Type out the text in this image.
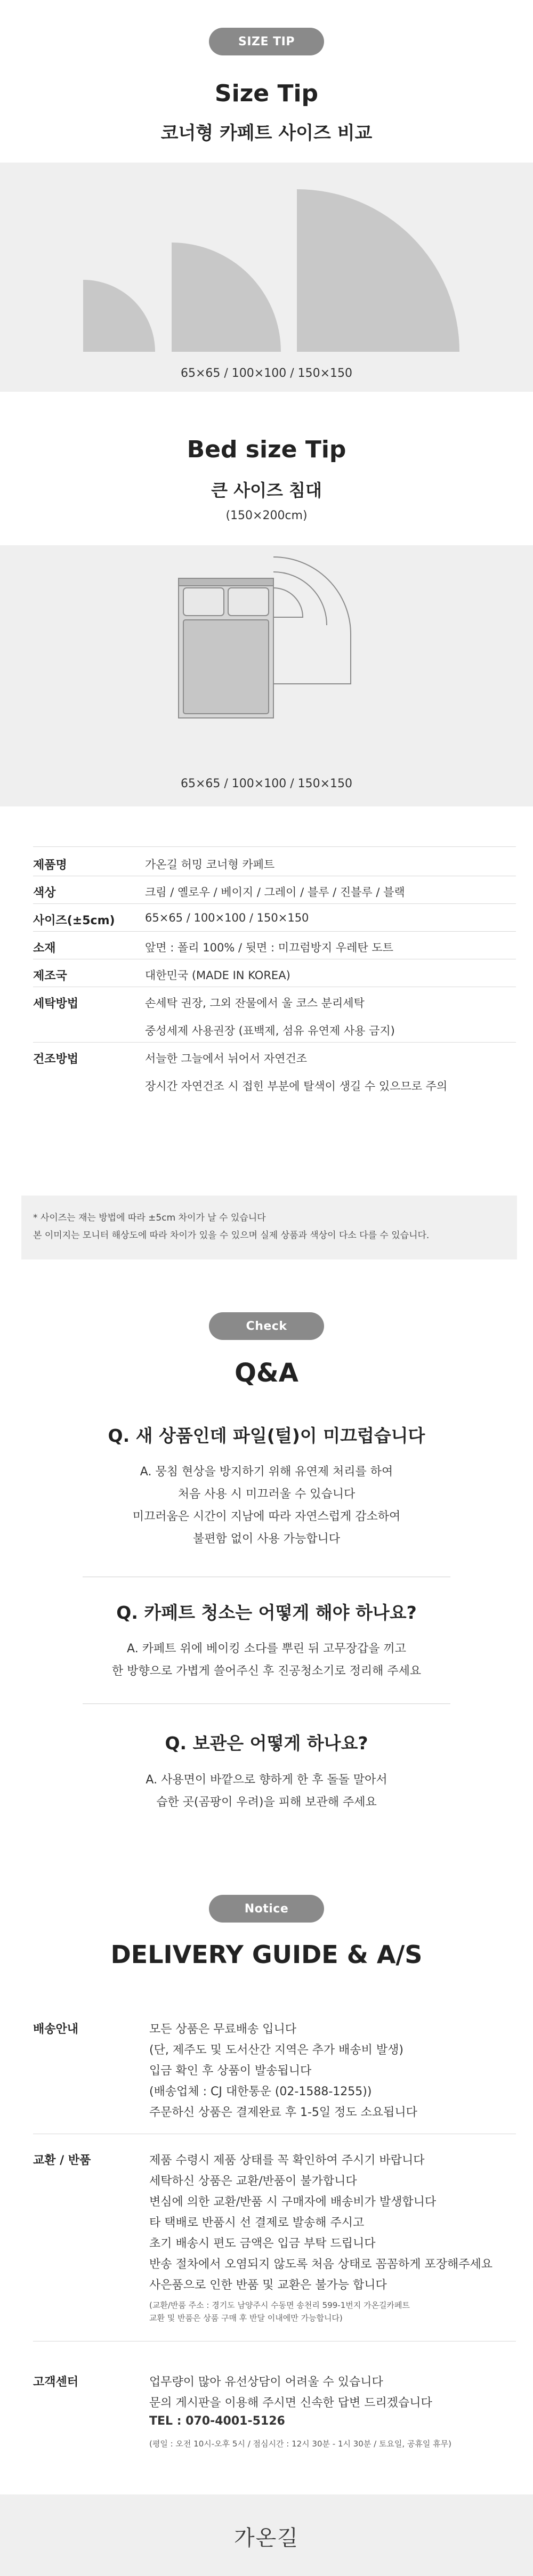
SIZE TIP
Size Tip
코너형 카페트 사이즈 비교
65×65 / 100×100 / 150×150
Bed size Tip
큰 사이즈 침대
(150×200cm)
65×65 / 100×100 / 150×150
제품명	가온길 허밍 코너형 카페트
색상	크림 / 옐로우 / 베이지 / 그레이 / 블루 / 진블루 / 블랙
사이즈(±5cm)	65×65 / 100×100 / 150×150
소재	앞면 : 폴리 100% / 뒷면 : 미끄럼방지 우레탄 도트
제조국	대한민국 (MADE IN KOREA)
세탁방법	손세탁 권장, 그외 잔물에서 울 코스 분리세탁
중성세제 사용권장 (표백제, 섬유 유연제 사용 금지)
건조방법	서늘한 그늘에서 뉘어서 자연건조
장시간 자연건조 시 접힌 부분에 탈색이 생길 수 있으므로 주의
* 사이즈는 재는 방법에 따라 ±5cm 차이가 날 수 있습니다
본 이미지는 모니터 해상도에 따라 차이가 있을 수 있으며 실제 상품과 색상이 다소 다를 수 있습니다.
Check
Q&A
Q. 새 상품인데 파일(털)이 미끄럽습니다
A. 뭉침 현상을 방지하기 위해 유연제 처리를 하여
처음 사용 시 미끄러울 수 있습니다
미끄러움은 시간이 지남에 따라 자연스럽게 감소하여
불편함 없이 사용 가능합니다
Q. 카페트 청소는 어떻게 해야 하나요?
A. 카페트 위에 베이킹 소다를 뿌린 뒤 고무장갑을 끼고
한 방향으로 가볍게 쓸어주신 후 진공청소기로 정리해 주세요
Q. 보관은 어떻게 하나요?
A. 사용면이 바깥으로 향하게 한 후 돌돌 말아서
습한 곳(곰팡이 우려)을 피해 보관해 주세요
Notice
DELIVERY GUIDE & A/S
배송안내	모든 상품은 무료배송 입니다
(단, 제주도 및 도서산간 지역은 추가 배송비 발생)
입금 확인 후 상품이 발송됩니다
(배송업체 : CJ 대한통운 (02-1588-1255))
주문하신 상품은 결제완료 후 1-5일 정도 소요됩니다
교환 / 반품	제품 수령시 제품 상태를 꼭 확인하여 주시기 바랍니다
세탁하신 상품은 교환/반품이 불가합니다
변심에 의한 교환/반품 시 구매자에 배송비가 발생합니다
타 택배로 반품시 선 결제로 발송해 주시고
초기 배송시 편도 금액은 입금 부탁 드립니다
반송 절차에서 오염되지 않도록 처음 상태로 꼼꼼하게 포장해주세요
사은품으로 인한 반품 및 교환은 불가능 합니다
(교환/반품 주소 : 경기도 남양주시 수동면 송천리 599-1번지 가온길카페트
교환 및 반품은 상품 구매 후 반달 이내에만 가능합니다)
고객센터	업무량이 많아 유선상담이 어려울 수 있습니다
문의 게시판을 이용해 주시면 신속한 답변 드리겠습니다
TEL : 070-4001-5126
(평일 : 오전 10시-오후 5시 / 점심시간 : 12시 30분 - 1시 30분 / 토요일, 공휴일 휴무)
가온길
